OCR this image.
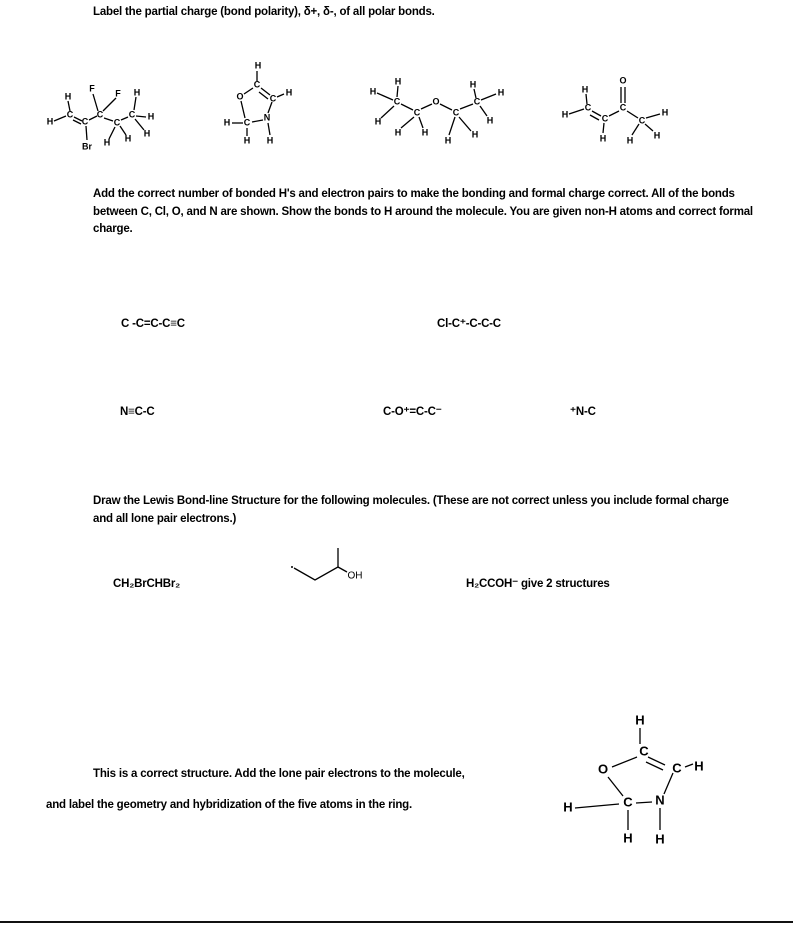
Label the partial charge (bond polarity), δ+, δ-, of all polar bonds.
H
H
C
C
Br
C
F F
C
H H
C
H
H
H
H
C
C
H
O
C
H	N
H H
H
H
C
H
C
H H
O
C
H
H
C
H
H
H
H
H
C
C
H
C
O
C
H
H
H
OH
H
C
C H
O
C
H	N
H H
Add the correct number of bonded H's and electron pairs to make the bonding and formal charge correct. All of the bonds between C, Cl, O, and N are shown. Show the bonds to H around the molecule. You are given non-H atoms and correct formal charge.
C -C=C-C≡C	Cl-C⁺-C-C-C
N≡C-C	C-O⁺=C-C⁻	⁺N-C
Draw the Lewis Bond-line Structure for the following molecules. (These are not correct unless you include formal charge and all lone pair electrons.)
CH₂BrCHBr₂	H₂CCOH⁻ give 2 structures
This is a correct structure. Add the lone pair electrons to the molecule,
and label the geometry and hybridization of the five atoms in the ring.
